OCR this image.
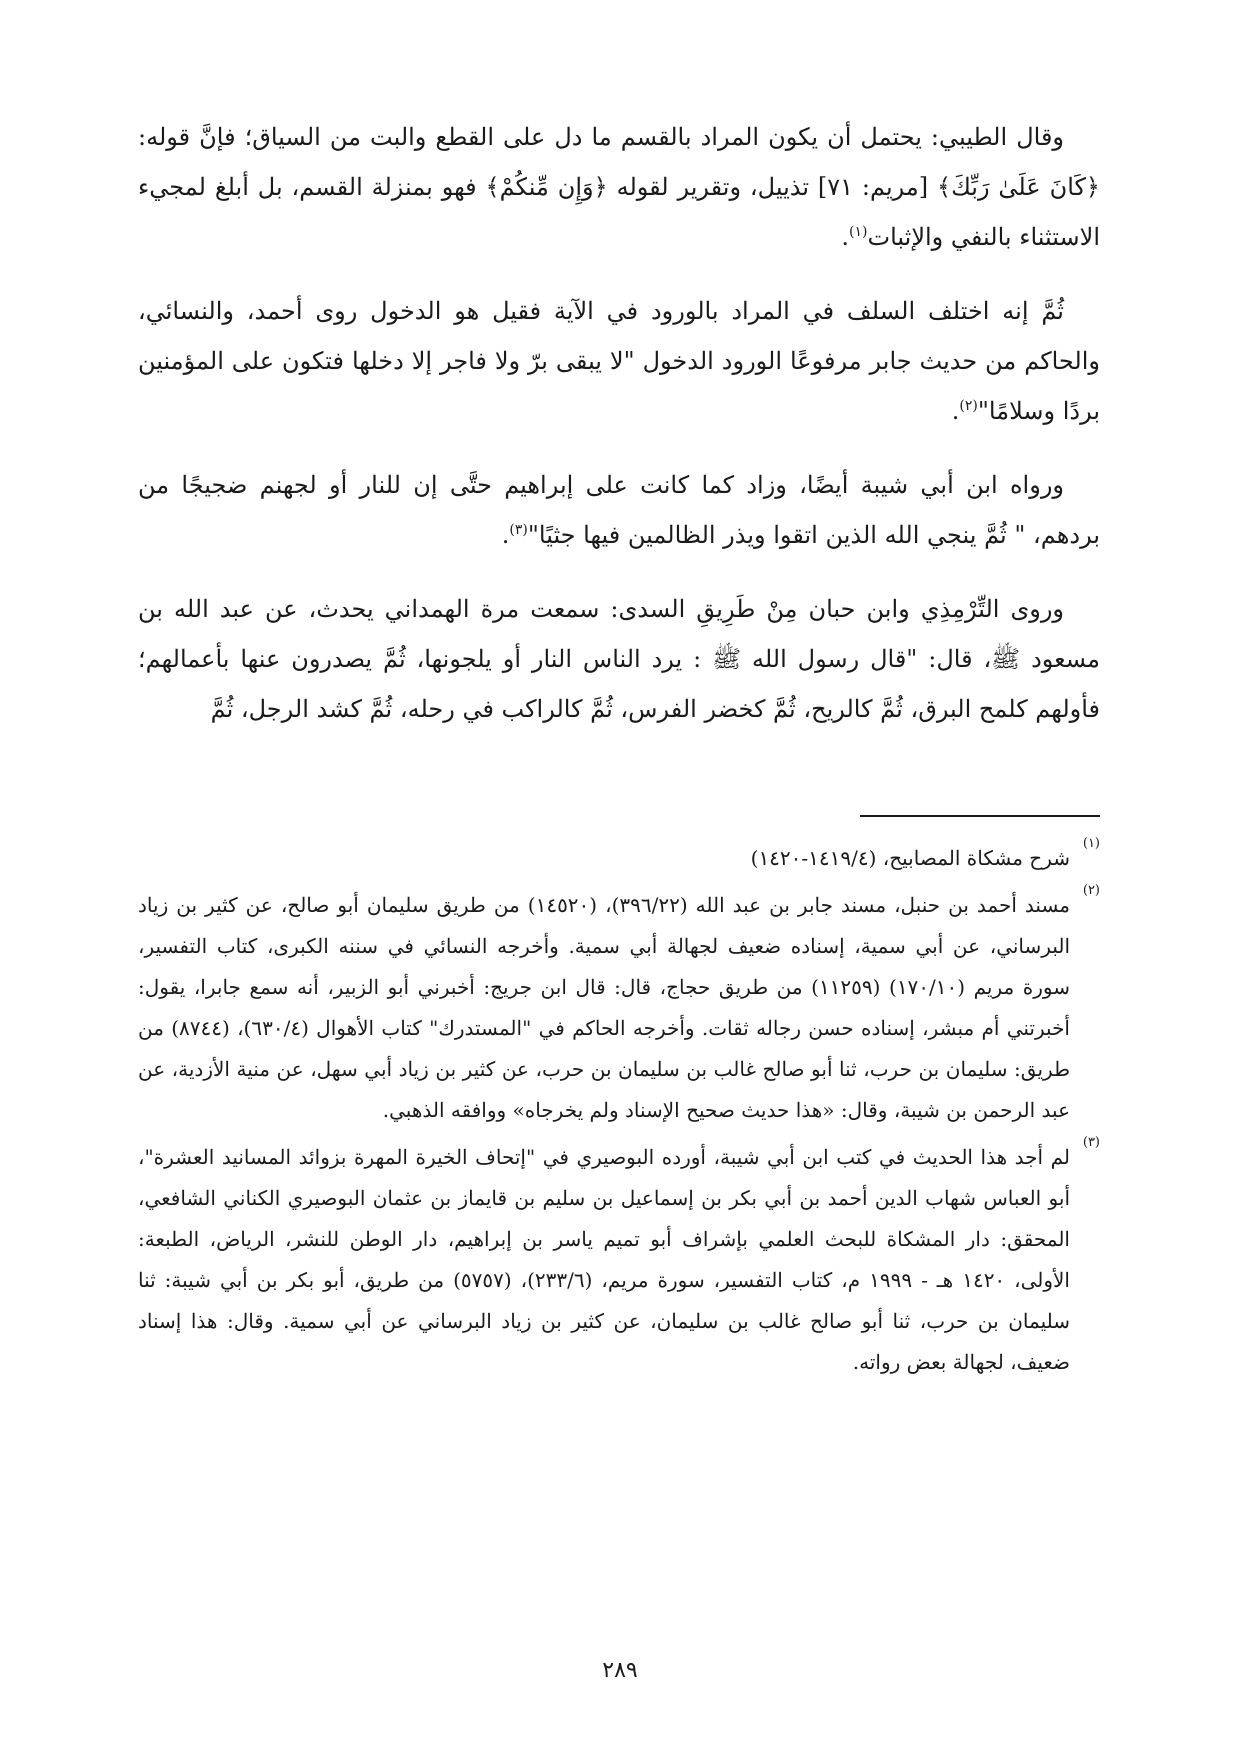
وقال الطيبي: يحتمل أن يكون المراد بالقسم ما دل على القطع والبت من السياق؛ فإنَّ قوله: ﴿كَانَ عَلَىٰ رَبِّكَ﴾ [مريم: ٧١] تذييل، وتقرير لقوله ﴿وَإِن مِّنكُمْ﴾ فهو بمنزلة القسم، بل أبلغ لمجيء الاستثناء بالنفي والإثبات$^{(١)}$.

ثُمَّ إنه اختلف السلف في المراد بالورود في الآية فقيل هو الدخول روى أحمد، والنسائي، والحاكم من حديث جابر مرفوعًا الورود الدخول "لا يبقى برّ ولا فاجر إلا دخلها فتكون على المؤمنين بردًا وسلامًا"$^{(٢)}$.

ورواه ابن أبي شيبة أيضًا، وزاد كما كانت على إبراهيم حتَّى إن للنار أو لجهنم ضجيجًا من بردهم، " ثُمَّ ينجي الله الذين اتقوا ويذر الظالمين فيها جثيًا"$^{(٣)}$.

وروى التِّرْمِذِي وابن حبان مِنْ طَرِيقِ السدى: سمعت مرة الهمداني يحدث، عن عبد الله بن مسعود ﷺ، قال: "قال رسول الله ﷺ : يرد الناس النار أو يلجونها، ثُمَّ يصدرون عنها بأعمالهم؛ فأولهم كلمح البرق، ثُمَّ كالريح، ثُمَّ كخضر الفرس، ثُمَّ كالراكب في رحله، ثُمَّ كشد الرجل، ثُمَّ

(١)
شرح مشكاة المصابيح، (١٤١٩/٤-١٤٢٠)

(٢)
مسند أحمد بن حنبل، مسند جابر بن عبد الله (٣٩٦/٢٢)، (١٤٥٢٠) من طريق سليمان أبو صالح، عن كثير بن زياد البرساني، عن أبي سمية، إسناده ضعيف لجهالة أبي سمية. وأخرجه النسائي في سننه الكبرى، كتاب التفسير، سورة مريم (١٧٠/١٠) (١١٢٥٩) من طريق حجاج، قال: قال ابن جريج: أخبرني أبو الزبير، أنه سمع جابرا، يقول: أخبرتني أم مبشر، إسناده حسن رجاله ثقات. وأخرجه الحاكم في "المستدرك" كتاب الأهوال (٦٣٠/٤)، (٨٧٤٤) من طريق: سليمان بن حرب، ثنا أبو صالح غالب بن سليمان بن حرب، عن كثير بن زياد أبي سهل، عن منية الأزدية، عن عبد الرحمن بن شيبة، وقال: «هذا حديث صحيح الإسناد ولم يخرجاه» ووافقه الذهبي.

(٣)
لم أجد هذا الحديث في كتب ابن أبي شيبة، أورده البوصيري في "إتحاف الخيرة المهرة بزوائد المسانيد العشرة"، أبو العباس شهاب الدين أحمد بن أبي بكر بن إسماعيل بن سليم بن قايماز بن عثمان البوصيري الكناني الشافعي، المحقق: دار المشكاة للبحث العلمي بإشراف أبو تميم ياسر بن إبراهيم، دار الوطن للنشر، الرياض، الطبعة: الأولى، ١٤٢٠ هـ - ١٩٩٩ م، كتاب التفسير، سورة مريم، (٢٣٣/٦)، (٥٧٥٧) من طريق، أبو بكر بن أبي شيبة: ثنا سليمان بن حرب، ثنا أبو صالح غالب بن سليمان، عن كثير بن زياد البرساني عن أبي سمية. وقال: هذا إسناد ضعيف، لجهالة بعض رواته.

٢٨٩
